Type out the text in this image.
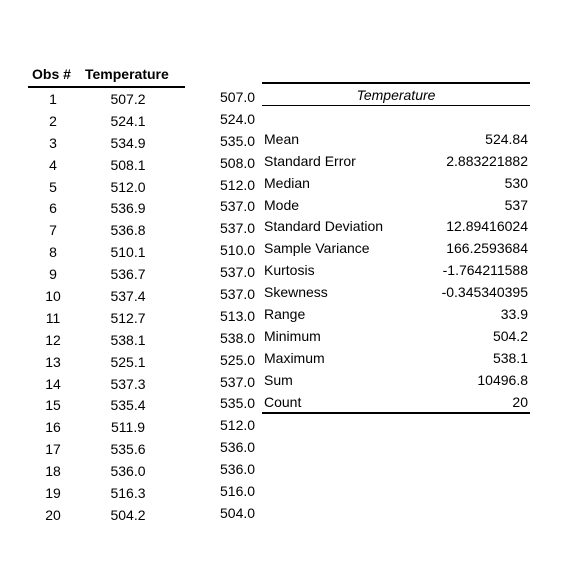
Obs #	Temperature
1	507.2
2	524.1
3	534.9
4	508.1
5	512.0
6	536.9
7	536.8
8	510.1
9	536.7
10	537.4
11	512.7
12	538.1
13	525.1
14	537.3
15	535.4
16	511.9
17	535.6
18	536.0
19	516.3
20	504.2
507.0
524.0
535.0
508.0
512.0
537.0
537.0
510.0
537.0
537.0
513.0
538.0
525.0
537.0
535.0
512.0
536.0
536.0
516.0
504.0
Temperature
Mean	524.84
Standard Error	2.883221882
Median	530
Mode	537
Standard Deviation	12.89416024
Sample Variance	166.2593684
Kurtosis	-1.764211588
Skewness	-0.345340395
Range	33.9
Minimum	504.2
Maximum	538.1
Sum	10496.8
Count	20
